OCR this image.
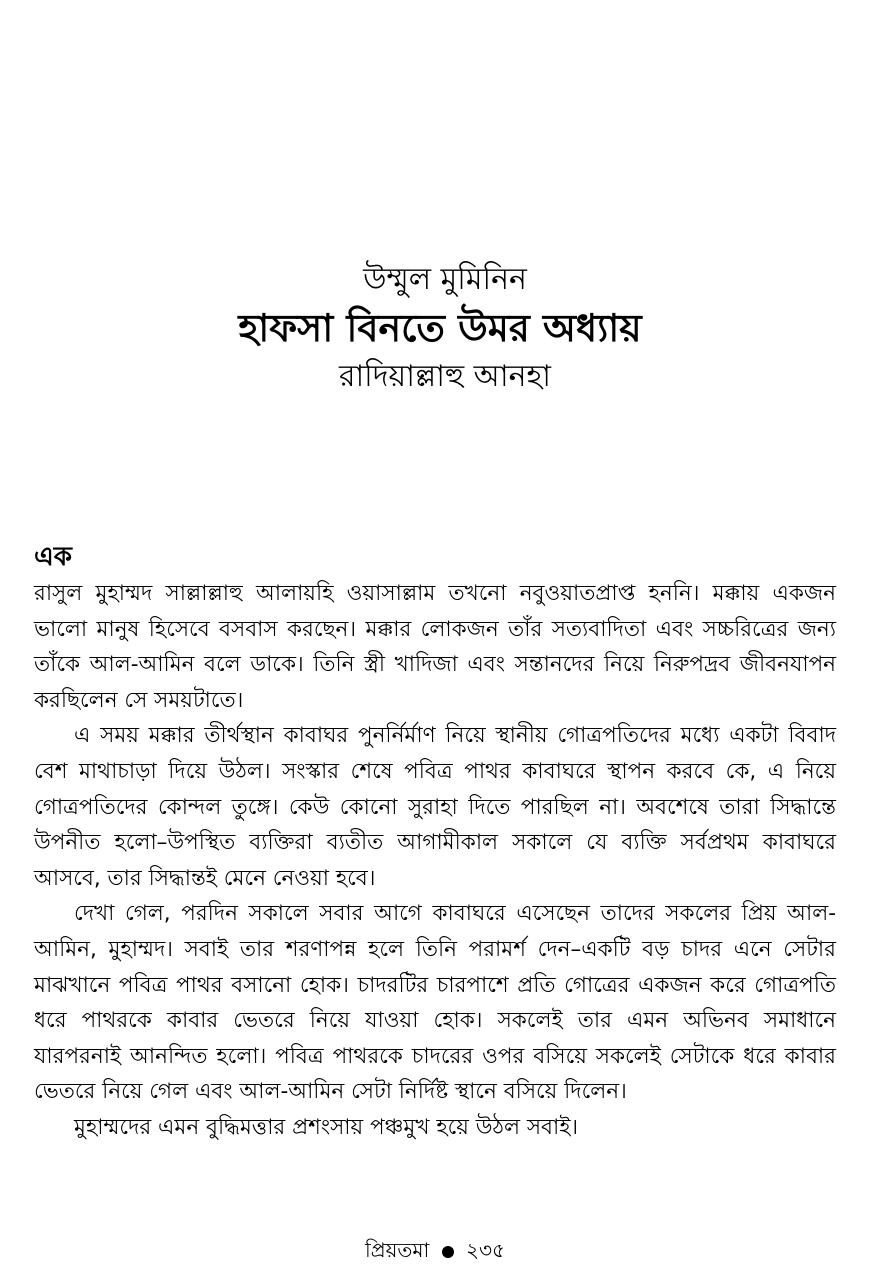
উম্মুল মুমিনিন
হাফসা বিনতে উমর অধ্যায়
রাদিয়াল্লাহু আনহা
এক

রাসুল মুহাম্মদ সাল্লাল্লাহু আলায়হি ওয়াসাল্লাম তখনো নবুওয়াতপ্রাপ্ত হননি। মক্কায় একজন ভালো মানুষ হিসেবে বসবাস করছেন। মক্কার লোকজন তাঁর সত্যবাদিতা এবং সচ্চরিত্রের জন্য তাঁকে আল-আমিন বলে ডাকে। তিনি স্ত্রী খাদিজা এবং সন্তানদের নিয়ে নিরুপদ্রব জীবনযাপন করছিলেন সে সময়টাতে।

এ সময় মক্কার তীর্থস্থান কাবাঘর পুনর্নির্মাণ নিয়ে স্থানীয় গোত্রপতিদের মধ্যে একটা বিবাদ বেশ মাথাচাড়া দিয়ে উঠল। সংস্কার শেষে পবিত্র পাথর কাবাঘরে স্থাপন করবে কে, এ নিয়ে গোত্রপতিদের কোন্দল তুঙ্গে। কেউ কোনো সুরাহা দিতে পারছিল না। অবশেষে তারা সিদ্ধান্তে উপনীত হলো–উপস্থিত ব্যক্তিরা ব্যতীত আগামীকাল সকালে যে ব্যক্তি সর্বপ্রথম কাবাঘরে আসবে, তার সিদ্ধান্তই মেনে নেওয়া হবে।

দেখা গেল, পরদিন সকালে সবার আগে কাবাঘরে এসেছেন তাদের সকলের প্রিয় আল-আমিন, মুহাম্মদ। সবাই তার শরণাপন্ন হলে তিনি পরামর্শ দেন–একটি বড় চাদর এনে সেটার মাঝখানে পবিত্র পাথর বসানো হোক। চাদরটির চারপাশে প্রতি গোত্রের একজন করে গোত্রপতি ধরে পাথরকে কাবার ভেতরে নিয়ে যাওয়া হোক। সকলেই তার এমন অভিনব সমাধানে যারপরনাই আনন্দিত হলো। পবিত্র পাথরকে চাদরের ওপর বসিয়ে সকলেই সেটাকে ধরে কাবার ভেতরে নিয়ে গেল এবং আল-আমিন সেটা নির্দিষ্ট স্থানে বসিয়ে দিলেন।

মুহাম্মদের এমন বুদ্ধিমত্তার প্রশংসায় পঞ্চমুখ হয়ে উঠল সবাই।

প্রিয়তমা ২৩৫
